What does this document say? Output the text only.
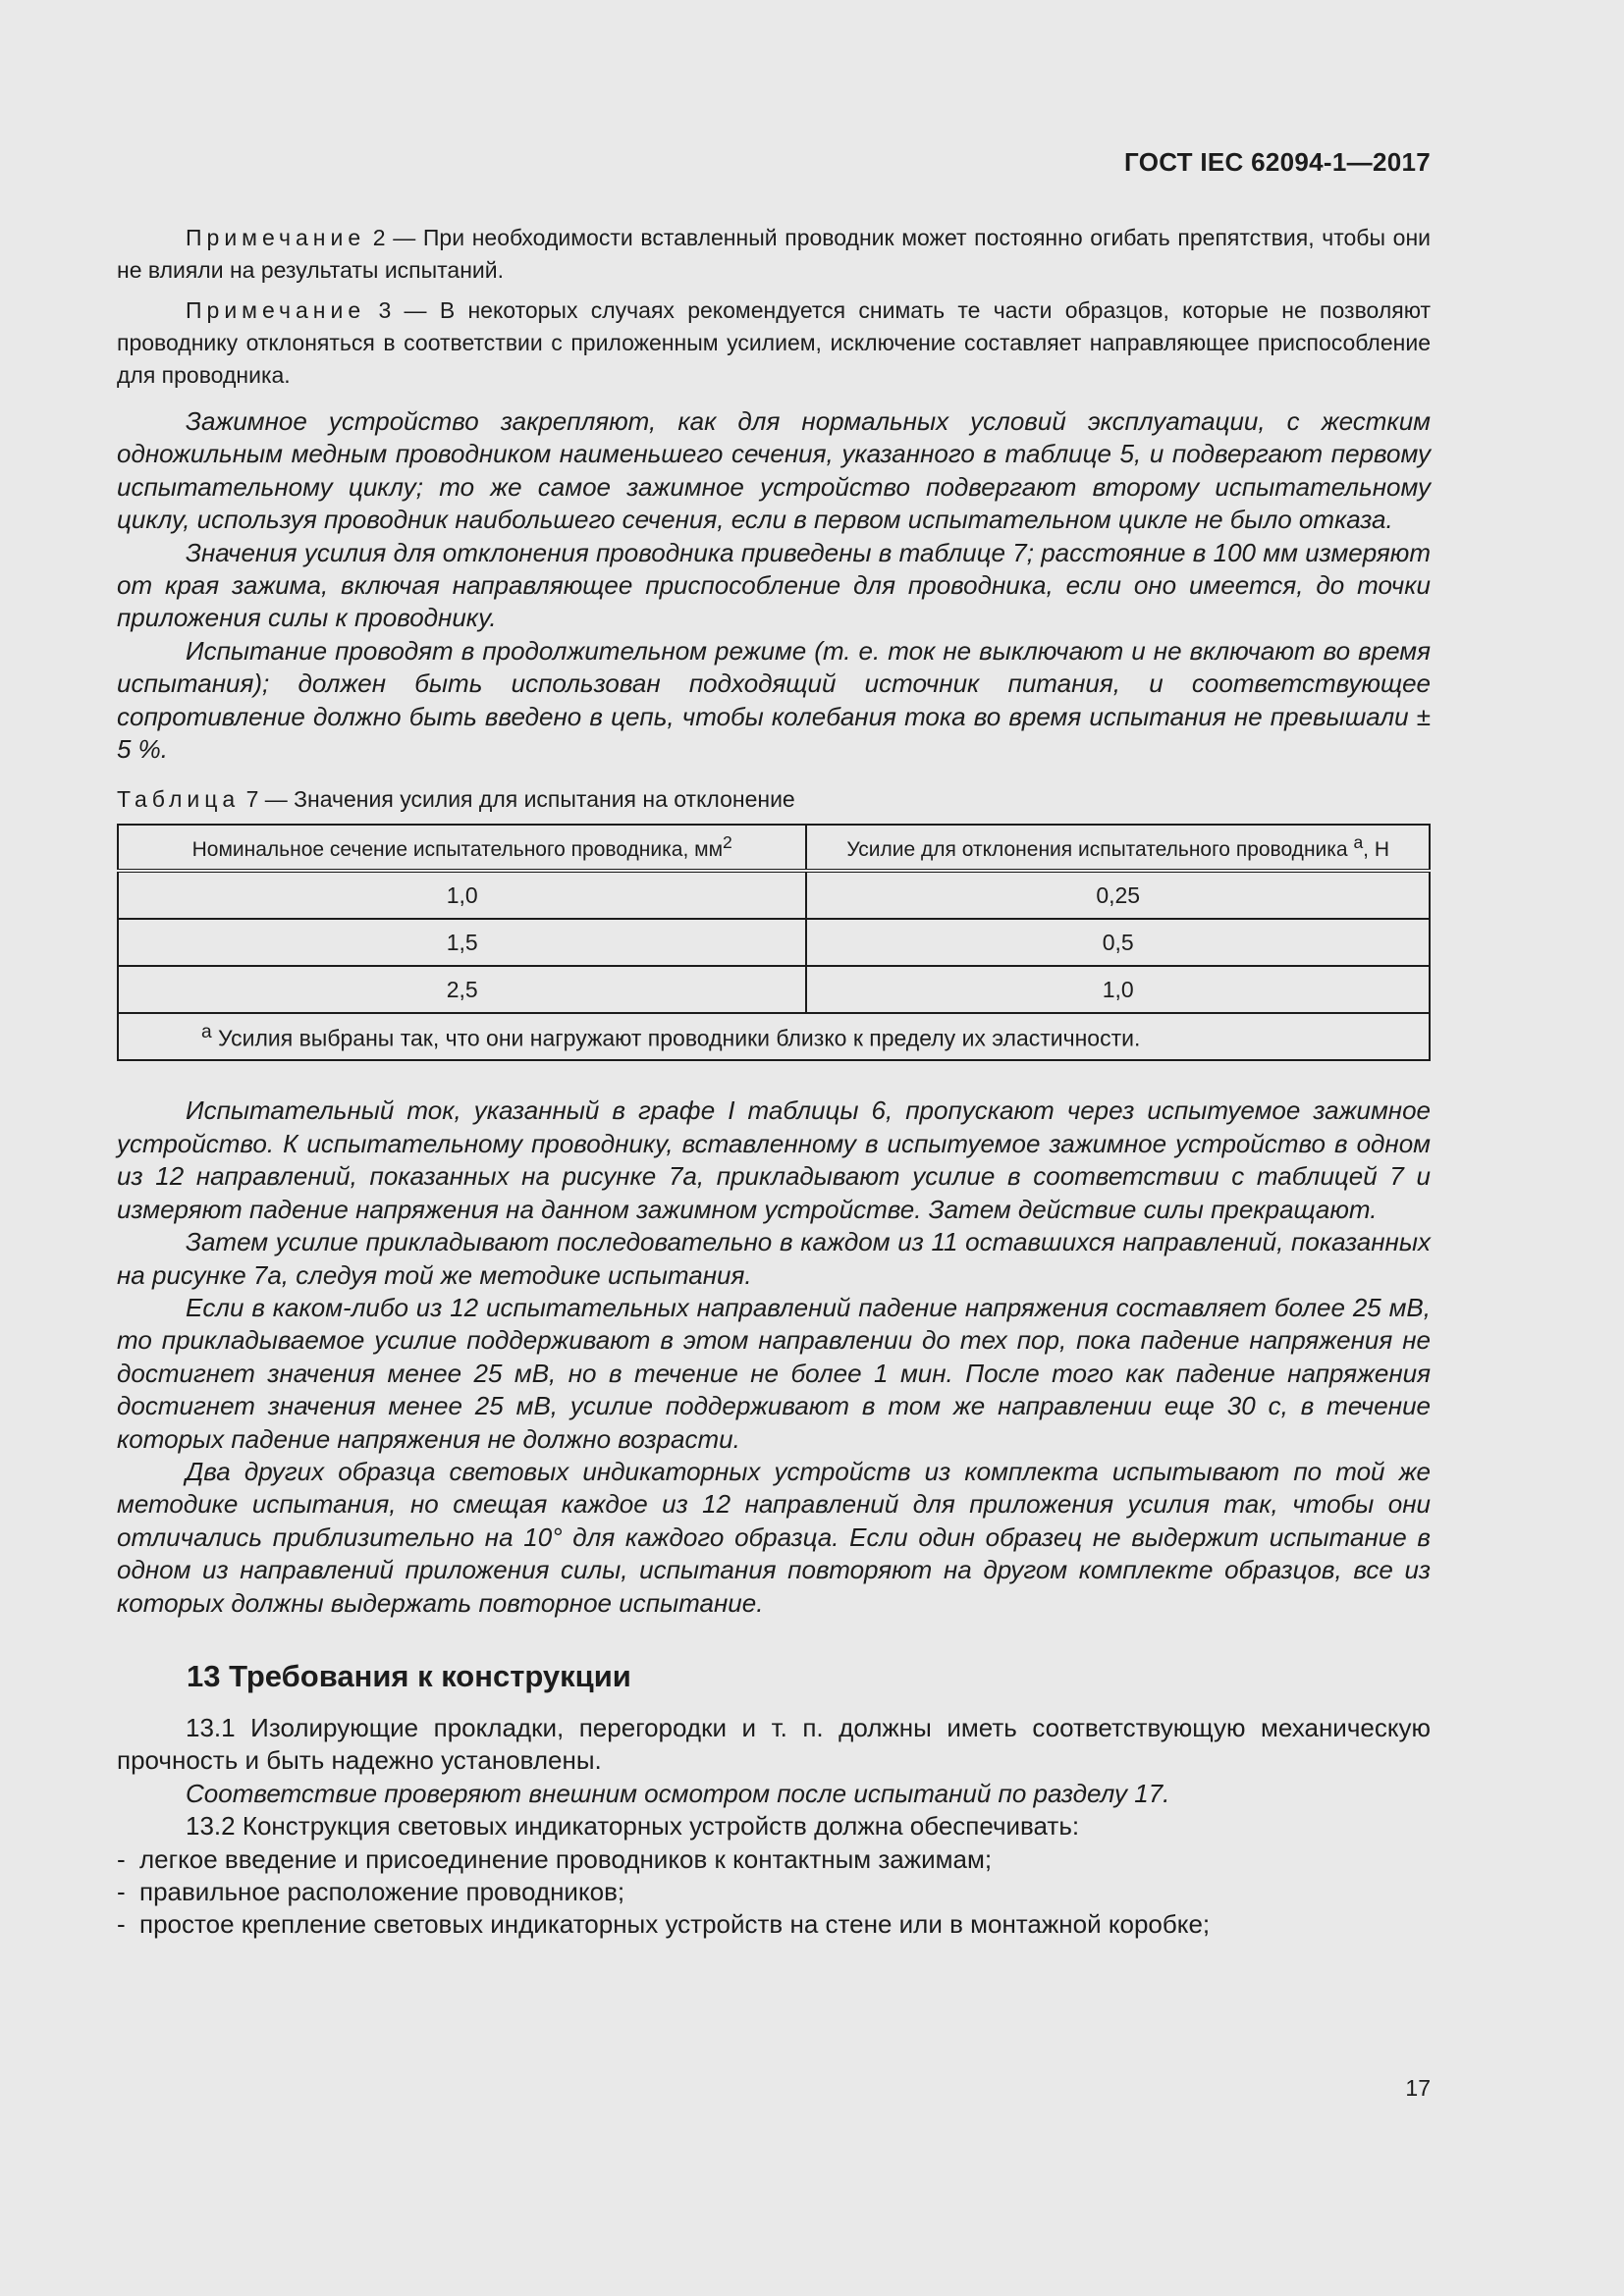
ГОСТ IEC 62094-1—2017

Примечание 2 — При необходимости вставленный проводник может постоянно огибать препятствия, чтобы они не влияли на результаты испытаний.

Примечание 3 — В некоторых случаях рекомендуется снимать те части образцов, которые не позволяют проводнику отклоняться в соответствии с приложенным усилием, исключение составляет направляющее приспособление для проводника.

Зажимное устройство закрепляют, как для нормальных условий эксплуатации, с жестким одножильным медным проводником наименьшего сечения, указанного в таблице 5, и подвергают первому испытательному циклу; то же самое зажимное устройство подвергают второму испытательному циклу, используя проводник наибольшего сечения, если в первом испытательном цикле не было отказа.

Значения усилия для отклонения проводника приведены в таблице 7; расстояние в 100 мм измеряют от края зажима, включая направляющее приспособление для проводника, если оно имеется, до точки приложения силы к проводнику.

Испытание проводят в продолжительном режиме (т. е. ток не выключают и не включают во время испытания); должен быть использован подходящий источник питания, и соответствующее сопротивление должно быть введено в цепь, чтобы колебания тока во время испытания не превышали ± 5 %.

Таблица 7 — Значения усилия для испытания на отклонение

Номинальное сечение испытательного проводника, $мм^2$	Усилие для отклонения испытательного проводника $^а$, Н
1,0	0,25
1,5	0,5
2,5	1,0
$^а$ Усилия выбраны так, что они нагружают проводники близко к пределу их эластичности.	

Испытательный ток, указанный в графе I таблицы 6, пропускают через испытуемое зажимное устройство. К испытательному проводнику, вставленному в испытуемое зажимное устройство в одном из 12 направлений, показанных на рисунке 7а, прикладывают усилие в соответствии с таблицей 7 и измеряют падение напряжения на данном зажимном устройстве. Затем действие силы прекращают.

Затем усилие прикладывают последовательно в каждом из 11 оставшихся направлений, показанных на рисунке 7а, следуя той же методике испытания.

Если в каком-либо из 12 испытательных направлений падение напряжения составляет более 25 мВ, то прикладываемое усилие поддерживают в этом направлении до тех пор, пока падение напряжения не достигнет значения менее 25 мВ, но в течение не более 1 мин. После того как падение напряжения достигнет значения менее 25 мВ, усилие поддерживают в том же направлении еще 30 с, в течение которых падение напряжения не должно возрасти.

Два других образца световых индикаторных устройств из комплекта испытывают по той же методике испытания, но смещая каждое из 12 направлений для приложения усилия так, чтобы они отличались приблизительно на 10° для каждого образца. Если один образец не выдержит испытание в одном из направлений приложения силы, испытания повторяют на другом комплекте образцов, все из которых должны выдержать повторное испытание.

13 Требования к конструкции

13.1 Изолирующие прокладки, перегородки и т. п. должны иметь соответствующую механическую прочность и быть надежно установлены.

Соответствие проверяют внешним осмотром после испытаний по разделу 17.

13.2 Конструкция световых индикаторных устройств должна обеспечивать:

- легкое введение и присоединение проводников к контактным зажимам;
- правильное расположение проводников;
- простое крепление световых индикаторных устройств на стене или в монтажной коробке;
17
